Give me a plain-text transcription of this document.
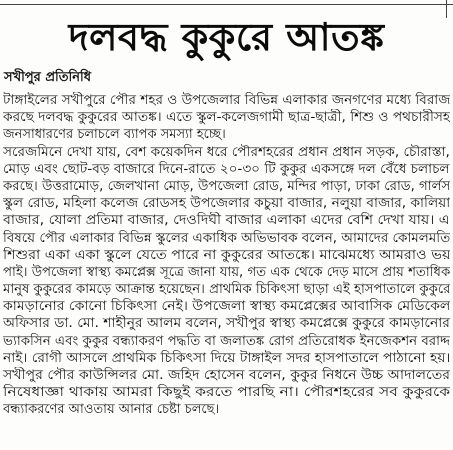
দলবদ্ধ কুকুরে আতঙ্ক
সখীপুর প্রতিনিধি
টাঙ্গাইলের সখীপুরে পৌর শহর ও উপজেলার বিভিন্ন এলাকার জনগণের মধ্যে বিরাজ
করছে দলবদ্ধ কুকুরের আতঙ্ক। এতে স্কুল-কলেজগামী ছাত্র-ছাত্রী, শিশু ও পথচারীসহ
জনসাধারণের চলাচলে ব্যাপক সমস্যা হচ্ছে।
সরেজমিনে দেখা যায়, বেশ কয়েকদিন ধরে পৌরশহরের প্রধান প্রধান সড়ক, চৌরাস্তা,
মোড় এবং ছোট-বড় বাজারে দিনে-রাতে ২০-৩০ টি কুকুর একসঙ্গে দল বেঁধে চলাচল
করছে। উত্তরামোড়, জেলখানা মোড়, উপজেলা রোড, মন্দির পাড়া, ঢাকা রোড, গার্লস
স্কুল রোড, মহিলা কলেজ রোডসহ উপজেলার কচুয়া বাজার, নলুয়া বাজার, কালিয়া
বাজার, যোলা প্রতিমা বাজার, দেওদিঘী বাজার এলাকা এদের বেশি দেখা যায়। এ
বিষয়ে পৌর এলাকার বিভিন্ন স্কুলের একাধিক অভিভাবক বলেন, আমাদের কোমলমতি
শিশুরা একা একা স্কুলে যেতে পারে না কুকুরের আতঙ্কে। মাঝেমধ্যে আমরাও ভয়
পাই। উপজেলা স্বাস্থ্য কমপ্লেক্স সূত্রে জানা যায়, গত এক থেকে দেড় মাসে প্রায় শতাধিক
মানুষ কুকুরের কামড়ে আক্রান্ত হয়েছেন। প্রাথমিক চিকিৎসা ছাড়া এই হাসপাতালে কুকুরে
কামড়ানোর কোনো চিকিৎসা নেই। উপজেলা স্বাস্থ্য কমপ্লেক্সের আবাসিক মেডিকেল
অফিসার ডা. মো. শাহীনুর আলম বলেন, সখীপুর স্বাস্থ্য কমপ্লেক্সে কুকুরে কামড়ানোর
ভ্যাকসিন এবং কুকুর বন্ধ্যাকরণ পদ্ধতি বা জলাতঙ্ক রোগ প্রতিরোধক ইনজেকশন বরাদ্দ
নাই। রোগী আসলে প্রাথমিক চিকিৎসা দিয়ে টাঙ্গাইল সদর হাসপাতালে পাঠানো হয়।
সখীপুর পৌর কাউন্সিলর মো. জহিদ হোসেন বলেন, কুকুর নিধনে উচ্চ আদালতের
নিষেধাজ্ঞা থাকায় আমরা কিছুই করতে পারছি না। পৌরশহরের সব কুকুরকে
বন্ধ্যাকরণের আওতায় আনার চেষ্টা চলছে।
